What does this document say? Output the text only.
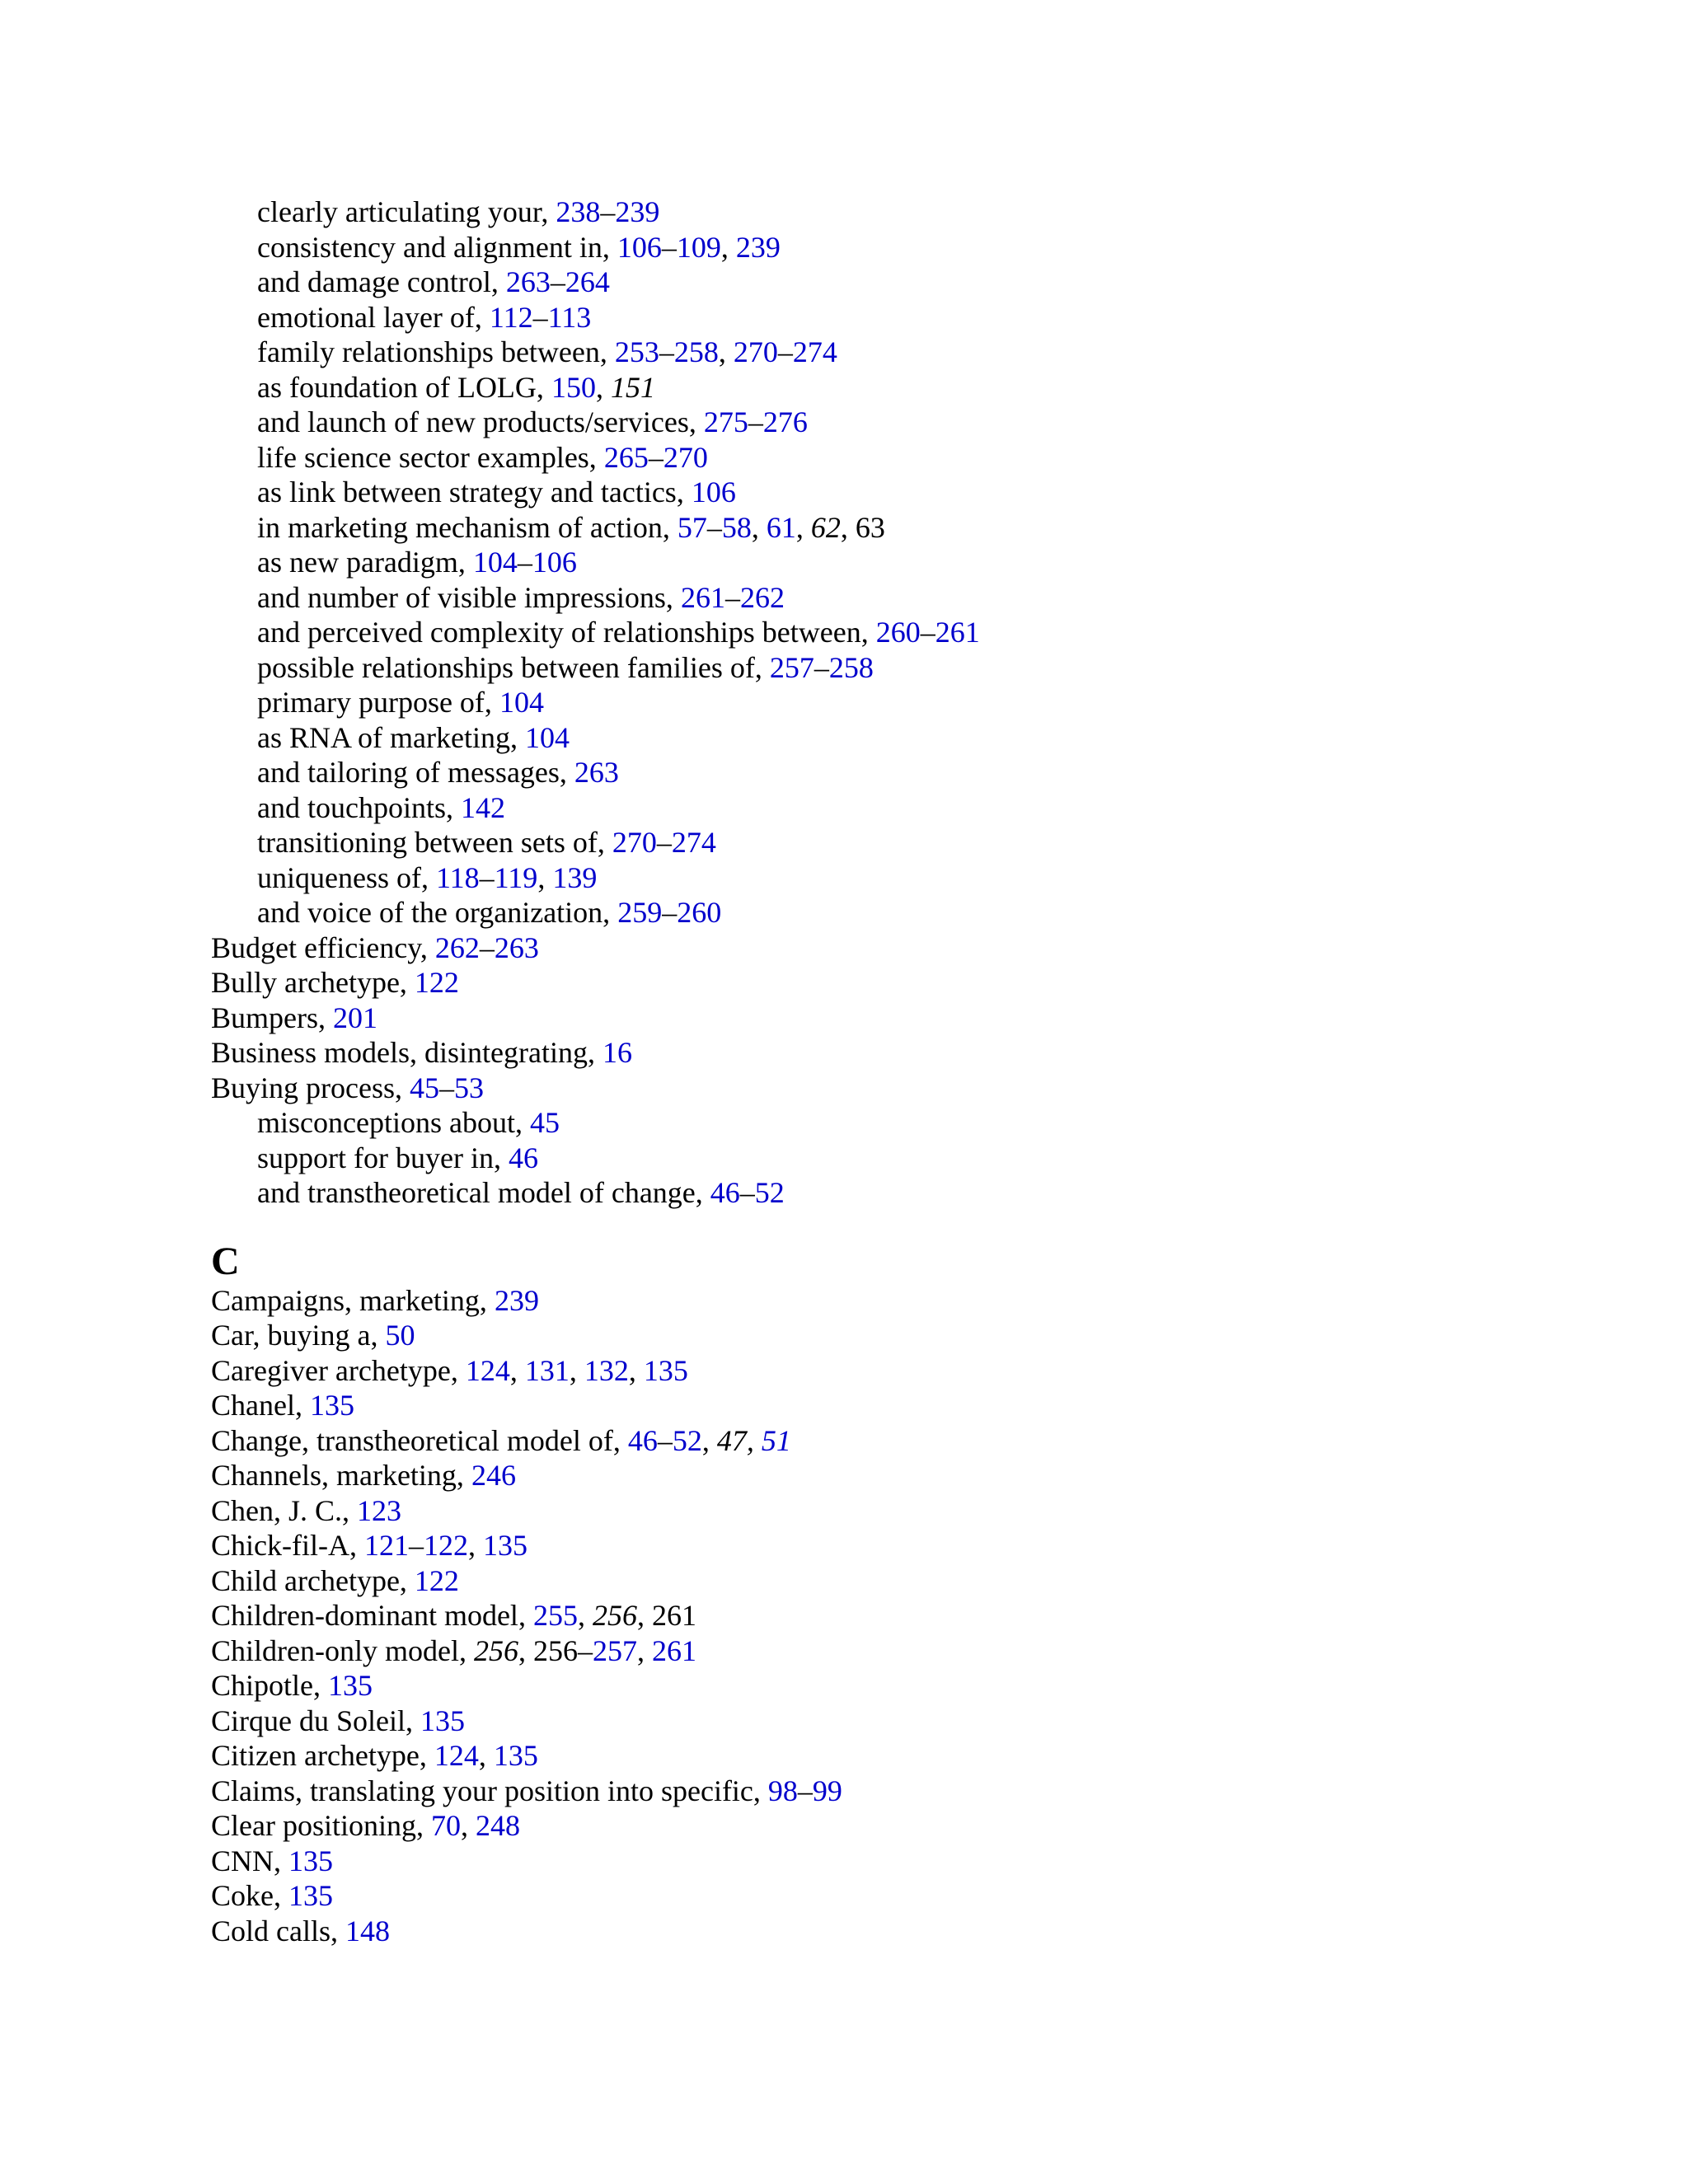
clearly articulating your, 238–239
consistency and alignment in, 106–109, 239
and damage control, 263–264
emotional layer of, 112–113
family relationships between, 253–258, 270–274
as foundation of LOLG, 150, 151
and launch of new products/services, 275–276
life science sector examples, 265–270
as link between strategy and tactics, 106
in marketing mechanism of action, 57–58, 61, 62, 63
as new paradigm, 104–106
and number of visible impressions, 261–262
and perceived complexity of relationships between, 260–261
possible relationships between families of, 257–258
primary purpose of, 104
as RNA of marketing, 104
and tailoring of messages, 263
and touchpoints, 142
transitioning between sets of, 270–274
uniqueness of, 118–119, 139
and voice of the organization, 259–260
Budget efficiency, 262–263
Bully archetype, 122
Bumpers, 201
Business models, disintegrating, 16
Buying process, 45–53
misconceptions about, 45
support for buyer in, 46
and transtheoretical model of change, 46–52
C
Campaigns, marketing, 239
Car, buying a, 50
Caregiver archetype, 124, 131, 132, 135
Chanel, 135
Change, transtheoretical model of, 46–52, 47, 51
Channels, marketing, 246
Chen, J. C., 123
Chick-fil-A, 121–122, 135
Child archetype, 122
Children-dominant model, 255, 256, 261
Children-only model, 256, 256–257, 261
Chipotle, 135
Cirque du Soleil, 135
Citizen archetype, 124, 135
Claims, translating your position into specific, 98–99
Clear positioning, 70, 248
CNN, 135
Coke, 135
Cold calls, 148
